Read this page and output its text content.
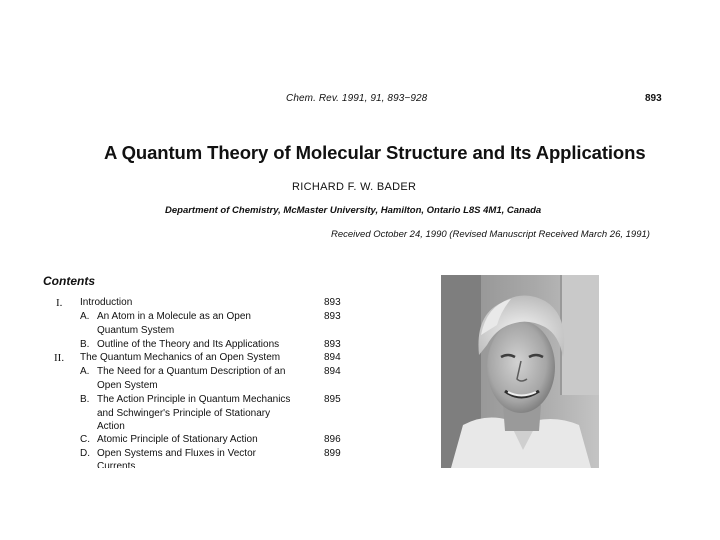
Chem. Rev. 1991, 91, 893−928	893
A Quantum Theory of Molecular Structure and Its Applications
RICHARD F. W. BADER
Department of Chemistry, McMaster University, Hamilton, Ontario L8S 4M1, Canada
Received October 24, 1990 (Revised Manuscript Received March 26, 1991)
Contents
I. Introduction	893
A. An Atom in a Molecule as an Open	893
Quantum System
B. Outline of the Theory and Its Applications	893
II. The Quantum Mechanics of an Open System	894
A. The Need for a Quantum Description of an	894
Open System
B. The Action Principle in Quantum Mechanics	895
and Schwinger's Principle of Stationary
Action
C. Atomic Principle of Stationary Action	896
D. Open Systems and Fluxes in Vector	899
Currents
